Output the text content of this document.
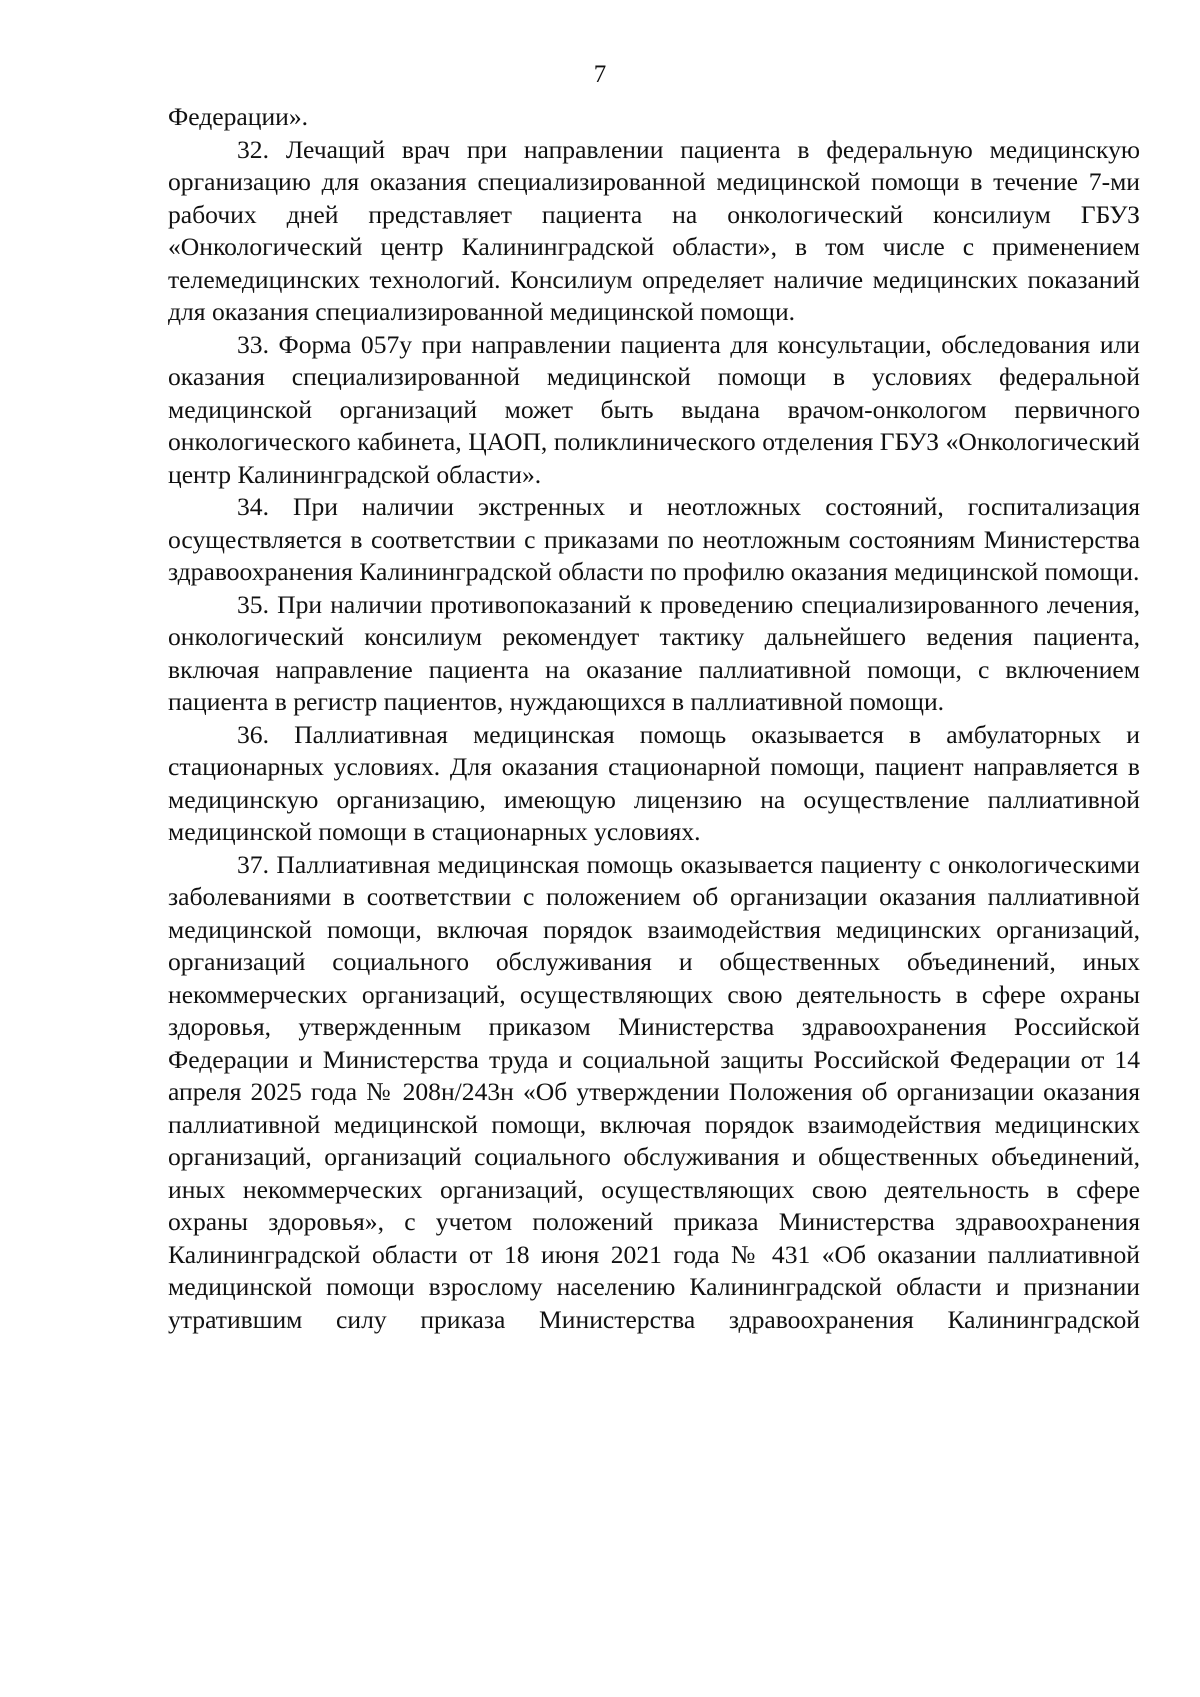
7

Федерации».

32. Лечащий врач при направлении пациента в федеральную медицинскую организацию для оказания специализированной медицинской помощи в течение 7-ми рабочих дней представляет пациента на онкологический консилиум ГБУЗ «Онкологический центр Калининградской области», в том числе с применением телемедицинских технологий. Консилиум определяет наличие медицинских показаний для оказания специализированной медицинской помощи.

33. Форма 057у при направлении пациента для консультации, обследования или оказания специализированной медицинской помощи в условиях федеральной медицинской организаций может быть выдана врачом-онкологом первичного онкологического кабинета, ЦАОП, поликлинического отделения ГБУЗ «Онкологический центр Калининградской области».

34. При наличии экстренных и неотложных состояний, госпитализация осуществляется в соответствии с приказами по неотложным состояниям Министерства здравоохранения Калининградской области по профилю оказания медицинской помощи.

35. При наличии противопоказаний к проведению специализированного лечения, онкологический консилиум рекомендует тактику дальнейшего ведения пациента, включая направление пациента на оказание паллиативной помощи, с включением пациента в регистр пациентов, нуждающихся в паллиативной помощи.

36. Паллиативная медицинская помощь оказывается в амбулаторных и стационарных условиях. Для оказания стационарной помощи, пациент направляется в медицинскую организацию, имеющую лицензию на осуществление паллиативной медицинской помощи в стационарных условиях.

37. Паллиативная медицинская помощь оказывается пациенту с онкологическими заболеваниями в соответствии с положением об организации оказания паллиативной медицинской помощи, включая порядок взаимодействия медицинских организаций, организаций социального обслуживания и общественных объединений, иных некоммерческих организаций, осуществляющих свою деятельность в сфере охраны здоровья, утвержденным приказом Министерства здравоохранения Российской Федерации и Министерства труда и социальной защиты Российской Федерации от 14 апреля 2025 года № 208н/243н «Об утверждении Положения об организации оказания паллиативной медицинской помощи, включая порядок взаимодействия медицинских организаций, организаций социального обслуживания и общественных объединений, иных некоммерческих организаций, осуществляющих свою деятельность в сфере охраны здоровья», с учетом положений приказа Министерства здравоохранения Калининградской области от 18 июня 2021 года № 431 «Об оказании паллиативной медицинской помощи взрослому населению Калининградской области и признании утратившим силу приказа Министерства здравоохранения Калининградской
